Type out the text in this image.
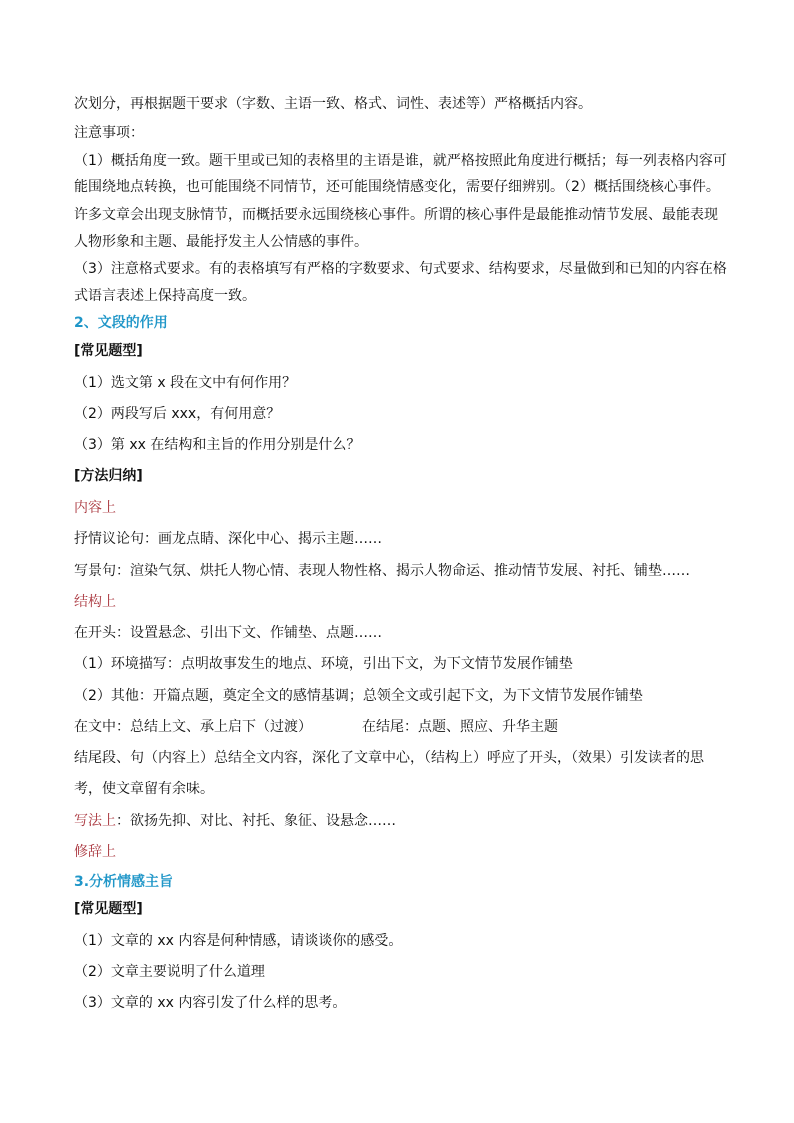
次划分，再根据题干要求（字数、主语一致、格式、词性、表述等）严格概括内容。

注意事项：

（1）概括角度一致。题干里或已知的表格里的主语是谁，就严格按照此角度进行概括；每一列表格内容可

能围绕地点转换，也可能围绕不同情节，还可能围绕情感变化，需要仔细辨别。（2）概括围绕核心事件。

许多文章会出现支脉情节，而概括要永远围绕核心事件。所谓的核心事件是最能推动情节发展、最能表现

人物形象和主题、最能抒发主人公情感的事件。

（3）注意格式要求。有的表格填写有严格的字数要求、句式要求、结构要求，尽量做到和已知的内容在格

式语言表述上保持高度一致。

2、文段的作用

[常见题型]

（1）选文第 x 段在文中有何作用？

（2）两段写后 xxx，有何用意？

（3）第 xx 在结构和主旨的作用分别是什么？

[方法归纳]

内容上

抒情议论句：画龙点睛、深化中心、揭示主题……

写景句：渲染气氛、烘托人物心情、表现人物性格、揭示人物命运、推动情节发展、衬托、铺垫……

结构上

在开头：设置悬念、引出下文、作铺垫、点题……

（1）环境描写：点明故事发生的地点、环境，引出下文，为下文情节发展作铺垫

（2）其他：开篇点题，奠定全文的感情基调；总领全文或引起下文，为下文情节发展作铺垫

在文中：总结上文、承上启下（过渡）	在结尾：点题、照应、升华主题

结尾段、句（内容上）总结全文内容，深化了文章中心，（结构上）呼应了开头，（效果）引发读者的思

考，使文章留有余味。

写法上：欲扬先抑、对比、衬托、象征、设悬念……

修辞上

3.分析情感主旨

[常见题型]

（1）文章的 xx 内容是何种情感，请谈谈你的感受。

（2）文章主要说明了什么道理

（3）文章的 xx 内容引发了什么样的思考。
